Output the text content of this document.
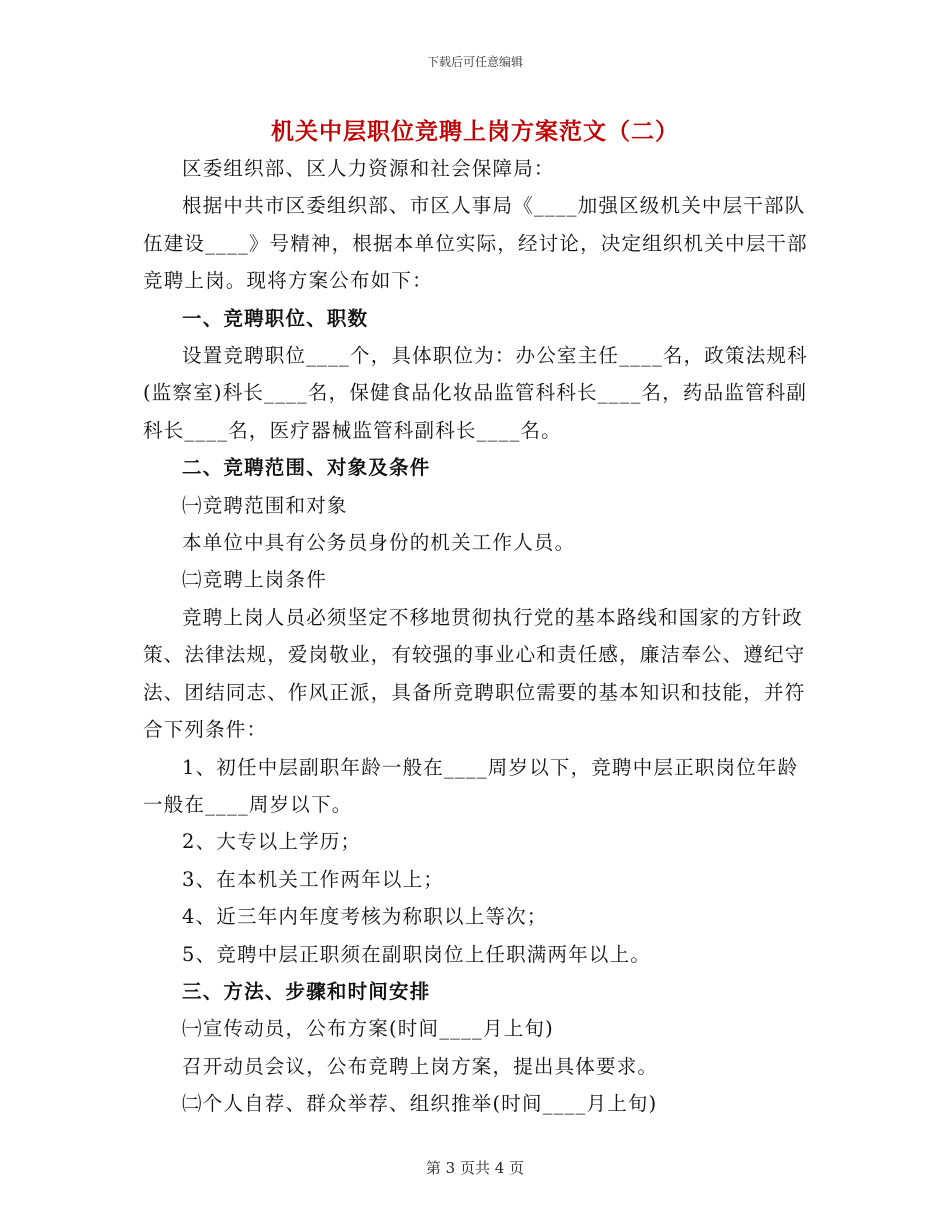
下载后可任意编辑
机关中层职位竞聘上岗方案范文（二）

区委组织部、区人力资源和社会保障局：

根据中共市区委组织部、市区人事局《____加强区级机关中层干部队伍建设____》号精神，根据本单位实际，经讨论，决定组织机关中层干部竞聘上岗。现将方案公布如下：

一、竞聘职位、职数

设置竞聘职位____个，具体职位为：办公室主任____名，政策法规科(监察室)科长____名，保健食品化妆品监管科科长____名，药品监管科副科长____名，医疗器械监管科副科长____名。

二、竞聘范围、对象及条件

㈠竞聘范围和对象

本单位中具有公务员身份的机关工作人员。

㈡竞聘上岗条件

竞聘上岗人员必须坚定不移地贯彻执行党的基本路线和国家的方针政策、法律法规，爱岗敬业，有较强的事业心和责任感，廉洁奉公、遵纪守法、团结同志、作风正派，具备所竞聘职位需要的基本知识和技能，并符合下列条件：

1、初任中层副职年龄一般在____周岁以下，竞聘中层正职岗位年龄一般在____周岁以下。

2、大专以上学历；

3、在本机关工作两年以上；

4、近三年内年度考核为称职以上等次；

5、竞聘中层正职须在副职岗位上任职满两年以上。

三、方法、步骤和时间安排

㈠宣传动员，公布方案(时间____月上旬)

召开动员会议，公布竞聘上岗方案，提出具体要求。

㈡个人自荐、群众举荐、组织推举(时间____月上旬)

第 3 页共 4 页
